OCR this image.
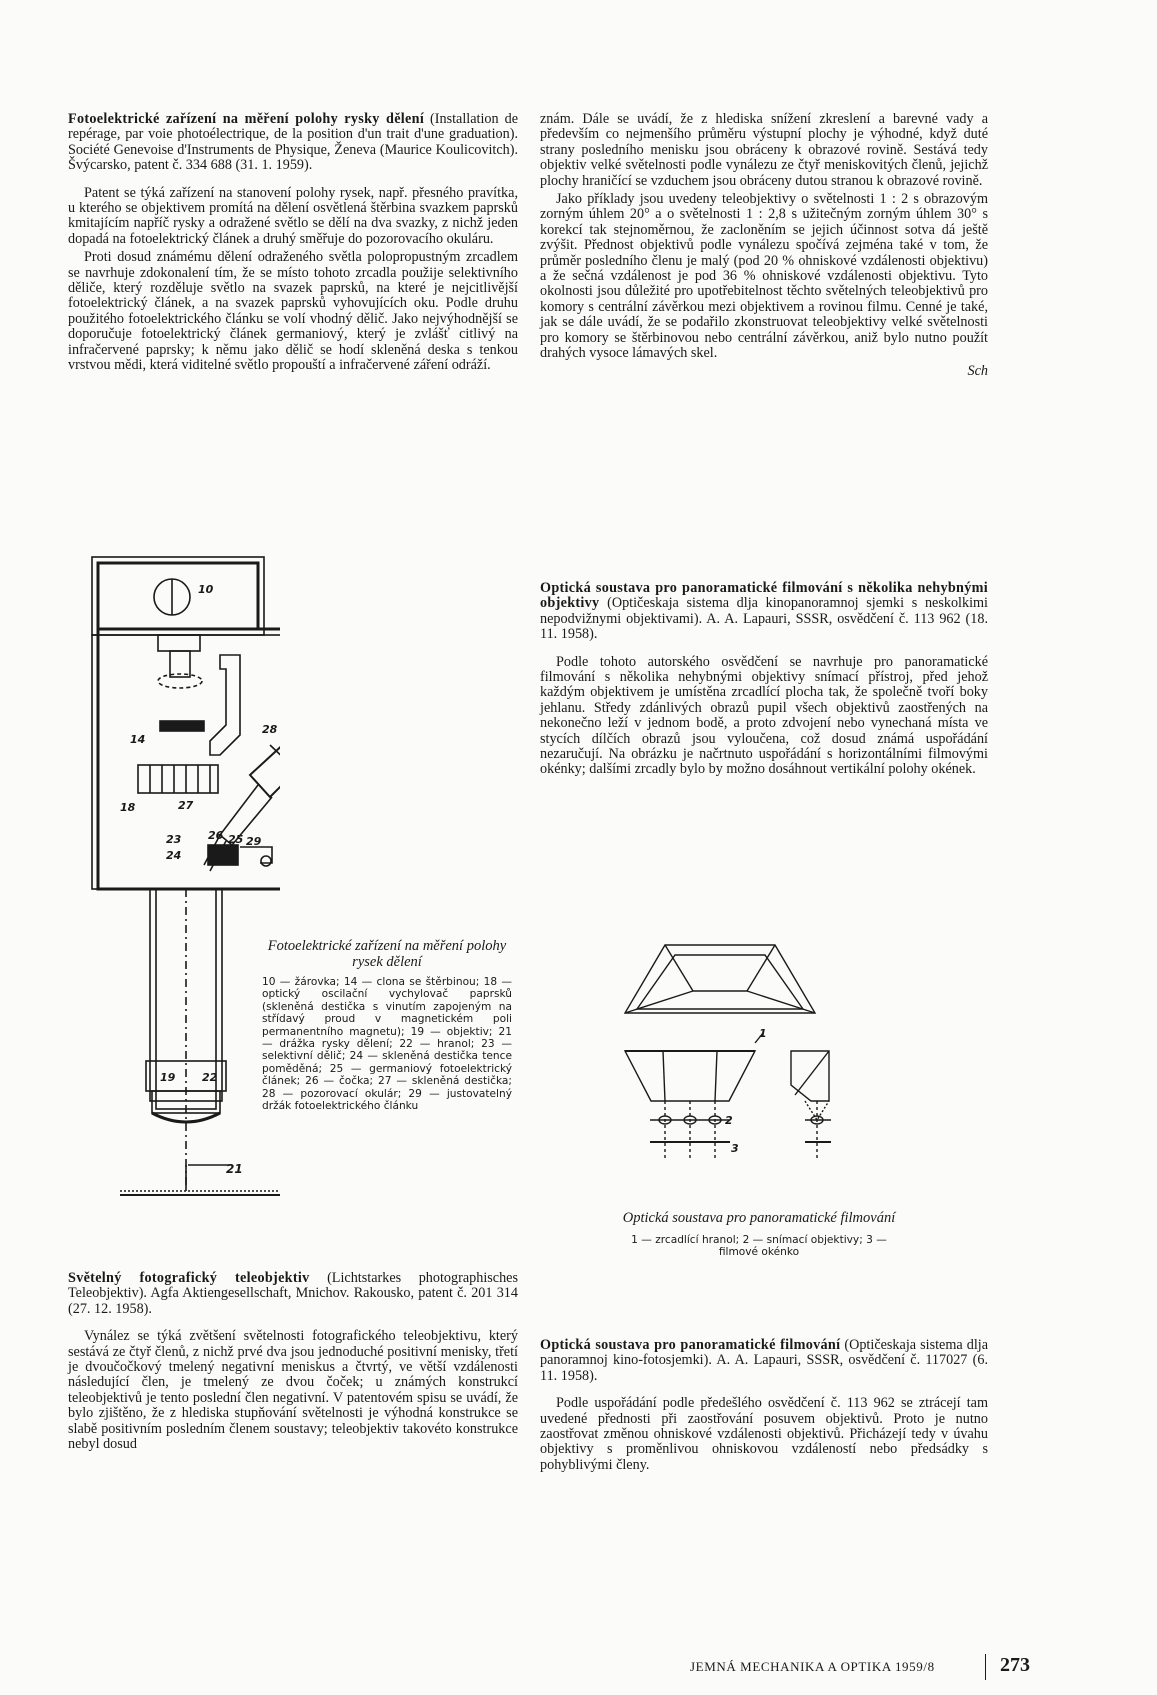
Fotoelektrické zařízení na měření polohy rysky dělení (Installation de repérage, par voie photoélectrique, de la position d'un trait d'une graduation). Société Genevoise d'Instruments de Physique, Ženeva (Maurice Koulicovitch). Švýcarsko, patent č. 334 688 (31. 1. 1959).

Patent se týká zařízení na stanovení polohy rysek, např. přesného pravítka, u kterého se objektivem promítá na dělení osvětlená štěrbina svazkem paprsků kmitajícím napříč rysky a odražené světlo se dělí na dva svazky, z nichž jeden dopadá na fotoelektrický článek a druhý směřuje do pozorovacího okuláru.

Proti dosud známému dělení odraženého světla polopropustným zrcadlem se navrhuje zdokonalení tím, že se místo tohoto zrcadla použije selektivního děliče, který rozděluje světlo na svazek paprsků, na které je nejcitlivější fotoelektrický článek, a na svazek paprsků vyhovujících oku. Podle druhu použitého fotoelektrického článku se volí vhodný dělič. Jako nejvýhodnější se doporučuje fotoelektrický článek germaniový, který je zvlášť citlivý na infračervené paprsky; k němu jako dělič se hodí skleněná deska s tenkou vrstvou mědi, která viditelné světlo propouští a infračervené záření odráží.

znám. Dále se uvádí, že z hlediska snížení zkreslení a barevné vady a především co nejmenšího průměru výstupní plochy je výhodné, když duté strany posledního menisku jsou obráceny k obrazové rovině. Sestává tedy objektiv velké světelnosti podle vynálezu ze čtyř meniskovitých členů, jejichž plochy hraničící se vzduchem jsou obráceny dutou stranou k obrazové rovině.

Jako příklady jsou uvedeny teleobjektivy o světelnosti 1 : 2 s obrazovým zorným úhlem 20° a o světelnosti 1 : 2,8 s užitečným zorným úhlem 30° s korekcí tak stejnoměrnou, že zacloněním se jejich účinnost sotva dá ještě zvýšit. Přednost objektivů podle vynálezu spočívá zejména také v tom, že průměr posledního členu je malý (pod 20 % ohniskové vzdálenosti objektivu) a že sečná vzdálenost je pod 36 % ohniskové vzdálenosti objektivu. Tyto okolnosti jsou důležité pro upotřebitelnost těchto světelných teleobjektivů pro komory s centrální závěrkou mezi objektivem a rovinou filmu. Cenné je také, jak se dále uvádí, že se podařilo zkonstruovat teleobjektivy velké světelnosti pro komory se štěrbinovou nebo centrální závěrkou, aniž bylo nutno použít drahých vysoce lámavých skel.

Sch

Optická soustava pro panoramatické filmování s několika nehybnými objektivy (Optičeskaja sistema dlja kinopanoramnoj sjemki s neskolkimi nepodvižnymi objektivami). A. A. Lapauri, SSSR, osvědčení č. 113 962 (18. 11. 1958).

Podle tohoto autorského osvědčení se navrhuje pro panoramatické filmování s několika nehybnými objektivy snímací přístroj, před jehož každým objektivem je umístěna zrcadlící plocha tak, že společně tvoří boky jehlanu. Středy zdánlivých obrazů pupil všech objektivů zaostřených na nekonečno leží v jednom bodě, a proto zdvojení nebo vynechaná místa ve stycích dílčích obrazů jsou vyloučena, což dosud známá uspořádání nezaručují. Na obrázku je načrtnuto uspořádání s horizontálními filmovými okénky; dalšími zrcadly bylo by možno dosáhnout vertikální polohy okének.

10
14
28
18	27
26 25 29
23
24
19 22
21
Fotoelektrické zařízení na měření polohy rysek dělení
10 — žárovka; 14 — clona se štěrbinou; 18 — optický oscilační vychylovač paprsků (skleněná destička s vinutím zapojeným na střídavý proud v magnetickém poli permanentního magnetu); 19 — objektiv; 21 — drážka rysky dělení; 22 — hranol; 23 — selektivní dělič; 24 — skleněná destička tence poměděná; 25 — germaniový fotoelektrický článek; 26 — čočka; 27 — skleněná destička; 28 — pozorovací okulár; 29 — justovatelný držák fotoelektrického článku
1
2
3
Optická soustava pro panoramatické filmování
1 — zrcadlící hranol; 2 — snímací objektivy; 3 — filmové okénko

Světelný fotografický teleobjektiv (Lichtstarkes photographisches Teleobjektiv). Agfa Aktiengesellschaft, Mnichov. Rakousko, patent č. 201 314 (27. 12. 1958).

Vynález se týká zvětšení světelnosti fotografického teleobjektivu, který sestává ze čtyř členů, z nichž prvé dva jsou jednoduché positivní menisky, třetí je dvoučočkový tmelený negativní meniskus a čtvrtý, ve větší vzdálenosti následující člen, je tmelený ze dvou čoček; u známých konstrukcí teleobjektivů je tento poslední člen negativní. V patentovém spisu se uvádí, že bylo zjištěno, že z hlediska stupňování světelnosti je výhodná konstrukce se slabě positivním posledním členem soustavy; teleobjektiv takovéto konstrukce nebyl dosud

Optická soustava pro panoramatické filmování (Optičeskaja sistema dlja panoramnoj kino-fotosjemki). A. A. Lapauri, SSSR, osvědčení č. 117027 (6. 11. 1958).

Podle uspořádání podle předešlého osvědčení č. 113 962 se ztrácejí tam uvedené přednosti při zaostřování posuvem objektivů. Proto je nutno zaostřovat změnou ohniskové vzdálenosti objektivů. Přicházejí tedy v úvahu objektivy s proměnlivou ohniskovou vzdáleností nebo předsádky s pohyblivými členy.

JEMNÁ MECHANIKA A OPTIKA 1959/8	273
